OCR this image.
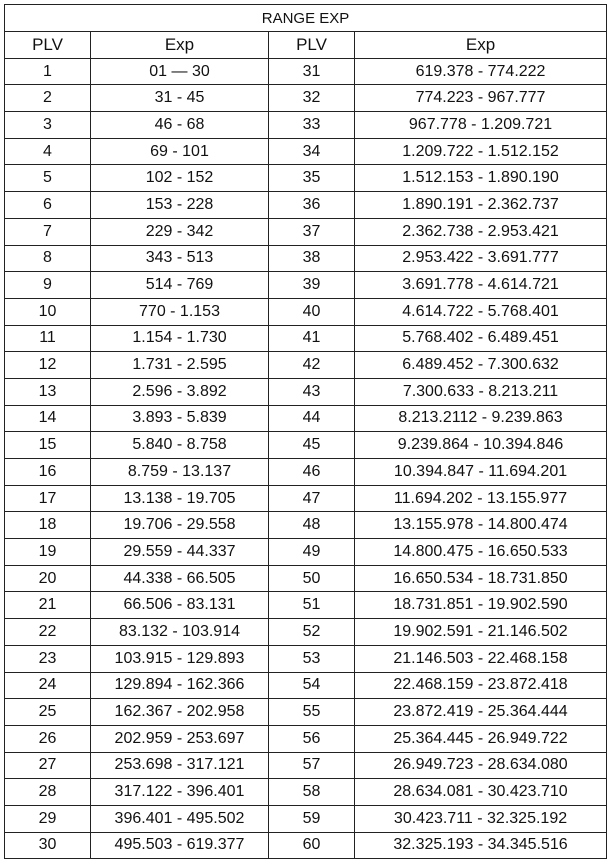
RANGE EXP			
PLV	Exp	PLV	Exp
1	01 — 30	31	619.378 - 774.222
2	31 - 45	32	774.223 - 967.777
3	46 - 68	33	967.778 - 1.209.721
4	69 - 101	34	1.209.722 - 1.512.152
5	102 - 152	35	1.512.153 - 1.890.190
6	153 - 228	36	1.890.191 - 2.362.737
7	229 - 342	37	2.362.738 - 2.953.421
8	343 - 513	38	2.953.422 - 3.691.777
9	514 - 769	39	3.691.778 - 4.614.721
10	770 - 1.153	40	4.614.722 - 5.768.401
11	1.154 - 1.730	41	5.768.402 - 6.489.451
12	1.731 - 2.595	42	6.489.452 - 7.300.632
13	2.596 - 3.892	43	7.300.633 - 8.213.211
14	3.893 - 5.839	44	8.213.2112 - 9.239.863
15	5.840 - 8.758	45	9.239.864 - 10.394.846
16	8.759 - 13.137	46	10.394.847 - 11.694.201
17	13.138 - 19.705	47	11.694.202 - 13.155.977
18	19.706 - 29.558	48	13.155.978 - 14.800.474
19	29.559 - 44.337	49	14.800.475 - 16.650.533
20	44.338 - 66.505	50	16.650.534 - 18.731.850
21	66.506 - 83.131	51	18.731.851 - 19.902.590
22	83.132 - 103.914	52	19.902.591 - 21.146.502
23	103.915 - 129.893	53	21.146.503 - 22.468.158
24	129.894 - 162.366	54	22.468.159 - 23.872.418
25	162.367 - 202.958	55	23.872.419 - 25.364.444
26	202.959 - 253.697	56	25.364.445 - 26.949.722
27	253.698 - 317.121	57	26.949.723 - 28.634.080
28	317.122 - 396.401	58	28.634.081 - 30.423.710
29	396.401 - 495.502	59	30.423.711 - 32.325.192
30	495.503 - 619.377	60	32.325.193 - 34.345.516
